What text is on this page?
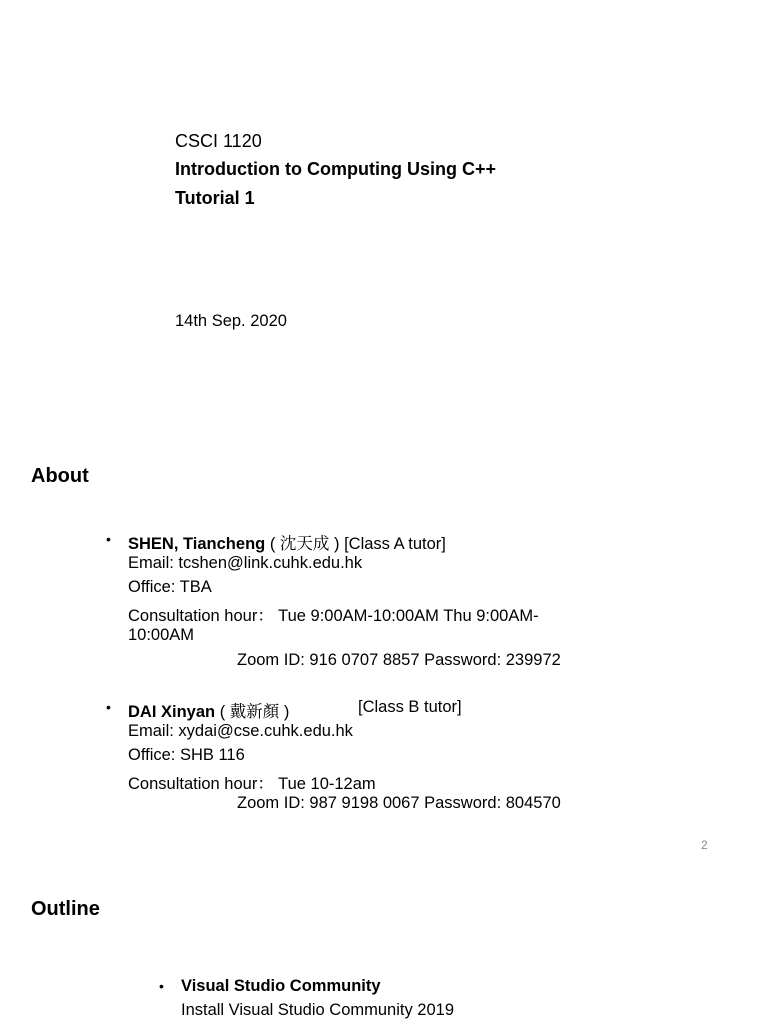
CSCI 1120
Introduction to Computing Using C++
Tutorial 1
14th Sep. 2020
About
• SHEN, Tiancheng ( 沈天成 ) [Class A tutor]
Email: tcshen@link.cuhk.edu.hk
Office: TBA
Consultation hour： Tue 9:00AM-10:00AM Thu 9:00AM-
10:00AM
Zoom ID: 916 0707 8857 Password: 239972
• DAI Xinyan ( 戴新顏 )	[Class B tutor]
Email: xydai@cse.cuhk.edu.hk
Office: SHB 116
Consultation hour： Tue 10-12am
Zoom ID: 987 9198 0067 Password: 804570
2
Outline
• Visual Studio Community
Install Visual Studio Community 2019
